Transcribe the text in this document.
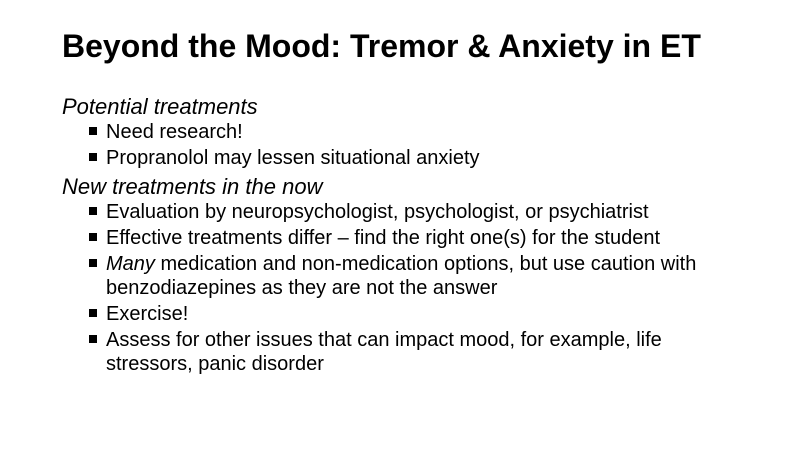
Beyond the Mood: Tremor & Anxiety in ET

Potential treatments

Need research!
Propranolol may lessen situational anxiety

New treatments in the now

Evaluation by neuropsychologist, psychologist, or psychiatrist
Effective treatments differ – find the right one(s) for the student
Many medication and non-medication options, but use caution with benzodiazepines as they are not the answer
Exercise!
Assess for other issues that can impact mood, for example, life stressors, panic disorder
